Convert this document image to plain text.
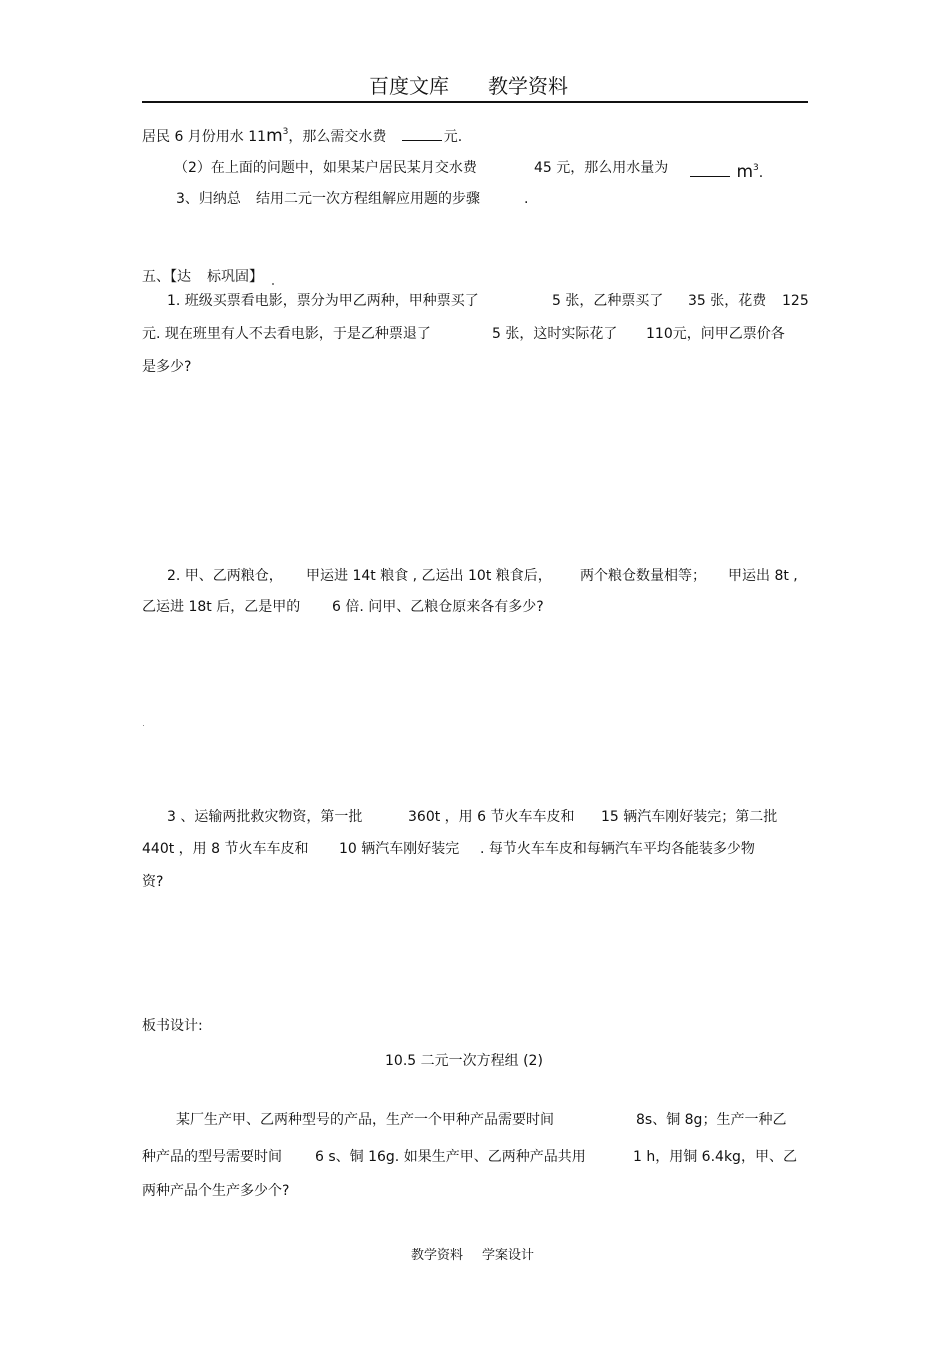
百度文库 教学资料
居民 6 月份用水 $11m^3$，那么需交水费	元.
（2）在上面的问题中，如果某户居民某月交水费	45 元，那么用水量为	$m^3$.
3、归纳总 结用二元一次方程组解应用题的步骤	.
五、【达 标巩固】
1. 班级买票看电影，票分为甲乙两种，甲种票买了	5 张，乙种票买了 35 张，花费 125
元. 现在班里有人不去看电影，于是乙种票退了	5 张，这时实际花了 110元，问甲乙票价各
是多少?
2. 甲、乙两粮仓， 甲运进 14t 粮食 , 乙运出 10t 粮食后， 两个粮仓数量相等； 甲运出 8t ,
乙运进 18t 后，乙是甲的 6 倍. 问甲、乙粮仓原来各有多少?
3 、运输两批救灾物资，第一批	360t ，用 6 节火车车皮和 15 辆汽车刚好装完；第二批
440t ，用 8 节火车车皮和 10 辆汽车刚好装完 . 每节火车车皮和每辆汽车平均各能装多少物
资?
板书设计:
10.5 二元一次方程组 (2)
某厂生产甲、乙两种型号的产品，生产一个甲种产品需要时间	8s、铜 8g；生产一种乙
种产品的型号需要时间 6 s、铜 16g. 如果生产甲、乙两种产品共用	1 h，用铜 6.4kg，甲、乙
两种产品个生产多少个?
教学资料 学案设计
